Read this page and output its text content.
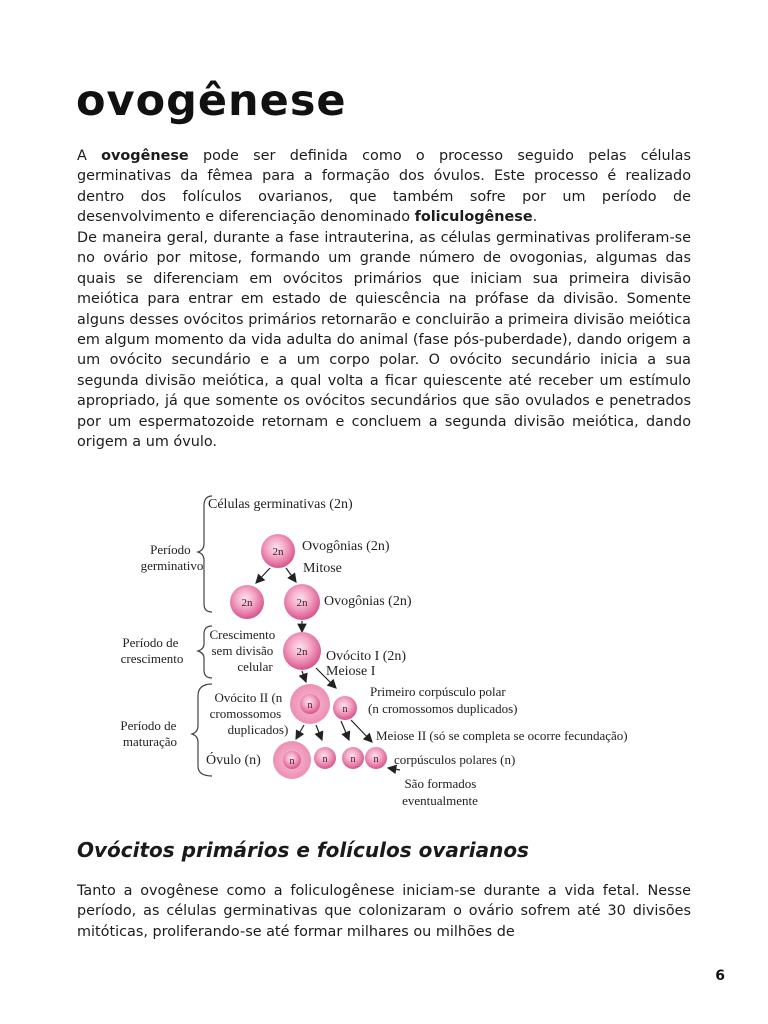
ovogênese

A ovogênese pode ser definida como o processo seguido pelas células germinativas da fêmea para a formação dos óvulos. Este processo é realizado dentro dos folículos ovarianos, que também sofre por um período de desenvolvimento e diferenciação denominado foliculogênese.

De maneira geral, durante a fase intrauterina, as células germinativas proliferam-se no ovário por mitose, formando um grande número de ovogonias, algumas das quais se diferenciam em ovócitos primários que iniciam sua primeira divisão meiótica para entrar em estado de quiescência na prófase da divisão. Somente alguns desses ovócitos primários retornarão e concluirão a primeira divisão meiótica em algum momento da vida adulta do animal (fase pós-puberdade), dando origem a um ovócito secundário e a um corpo polar. O ovócito secundário inicia a sua segunda divisão meiótica, a qual volta a ficar quiescente até receber um estímulo apropriado, já que somente os ovócitos secundários que são ovulados e penetrados por um espermatozoide retornam e concluem a segunda divisão meiótica, dando origem a um óvulo.

Período germinativo
Período de crescimento
Período de maturação
Células germinativas (2n)
2n Ovogônias (2n)
Mitose
2n	2n Ovogônias (2n)
Crescimento sem divisão celular
2n Ovócito I (2n)
Meiose I
Ovócito II (n cromossomos duplicados)
n	n
Primeiro corpúsculo polar (n cromossomos duplicados)
Meiose II (só se completa se ocorre fecundação)
Óvulo (n)	n	n n n corpúsculos polares (n)
São formados eventualmente
Ovócitos primários e folículos ovarianos

Tanto a ovogênese como a foliculogênese iniciam-se durante a vida fetal. Nesse período, as células germinativas que colonizaram o ovário sofrem até 30 divisões mitóticas, proliferando-se até formar milhares ou milhões de

6
